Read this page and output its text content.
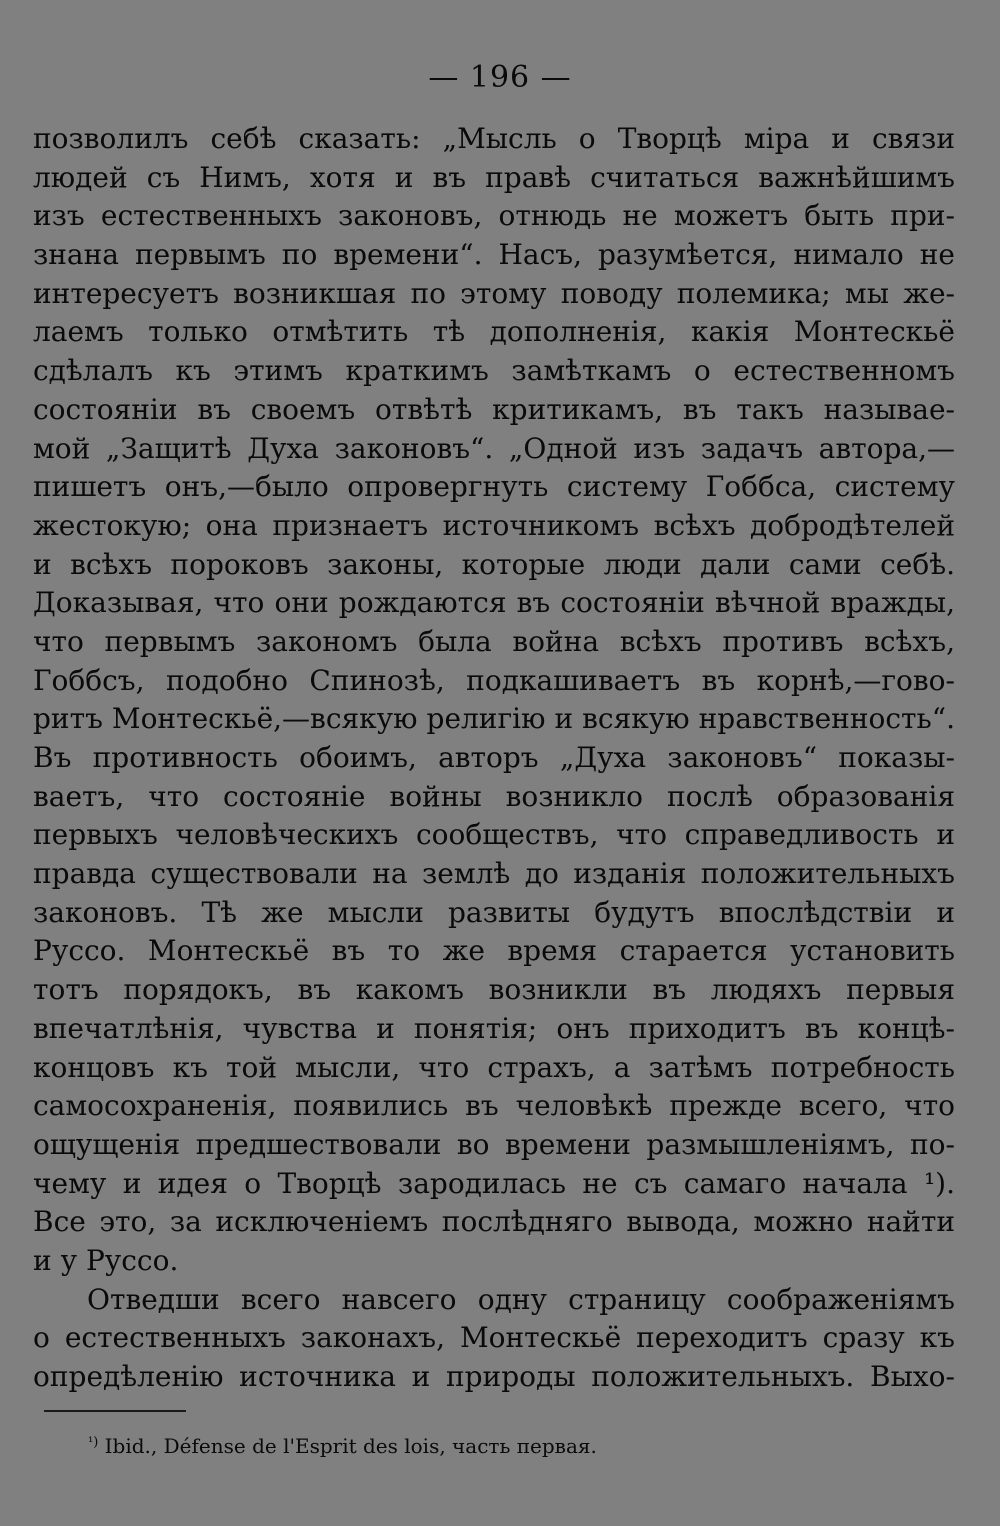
— 196 —
позволилъ себѣ сказать: „Мысль о Творцѣ міра и связи
людей съ Нимъ, хотя и въ правѣ считаться важнѣйшимъ
изъ естественныхъ законовъ, отнюдь не можетъ быть при-
знана первымъ по времени“. Насъ, разумѣется, нимало не
интересуетъ возникшая по этому поводу полемика; мы же-
лаемъ только отмѣтить тѣ дополненія, какія Монтескьё
сдѣлалъ къ этимъ краткимъ замѣткамъ о естественномъ
состояніи въ своемъ отвѣтѣ критикамъ, въ такъ называе-
мой „Защитѣ Духа законовъ“. „Одной изъ задачъ автора,—
пишетъ онъ,—было опровергнуть систему Гоббса, систему
жестокую; она признаетъ источникомъ всѣхъ добродѣтелей
и всѣхъ пороковъ законы, которые люди дали сами себѣ.
Доказывая, что они рождаются въ состояніи вѣчной вражды,
что первымъ закономъ была война всѣхъ противъ всѣхъ,
Гоббсъ, подобно Спинозѣ, подкашиваетъ въ корнѣ,—гово-
ритъ Монтескьё,—всякую религію и всякую нравственность“.
Въ противность обоимъ, авторъ „Духа законовъ“ показы-
ваетъ, что состояніе войны возникло послѣ образованія
первыхъ человѣческихъ сообществъ, что справедливость и
правда существовали на землѣ до изданія положительныхъ
законовъ. Тѣ же мысли развиты будутъ впослѣдствіи и
Руссо. Монтескьё въ то же время старается установить
тотъ порядокъ, въ какомъ возникли въ людяхъ первыя
впечатлѣнія, чувства и понятія; онъ приходитъ въ концѣ-
концовъ къ той мысли, что страхъ, а затѣмъ потребность
самосохраненія, появились въ человѣкѣ прежде всего, что
ощущенія предшествовали во времени размышленіямъ, по-
чему и идея о Творцѣ зародилась не съ самаго начала ¹).
Все это, за исключеніемъ послѣдняго вывода, можно найти
и у Руссо.
Отведши всего навсего одну страницу соображеніямъ
о естественныхъ законахъ, Монтескьё переходитъ сразу къ
опредѣленію источника и природы положительныхъ. Выхо-
$^{^1)}$ Ibid., Défense de l'Esprit des lois, часть первая.
